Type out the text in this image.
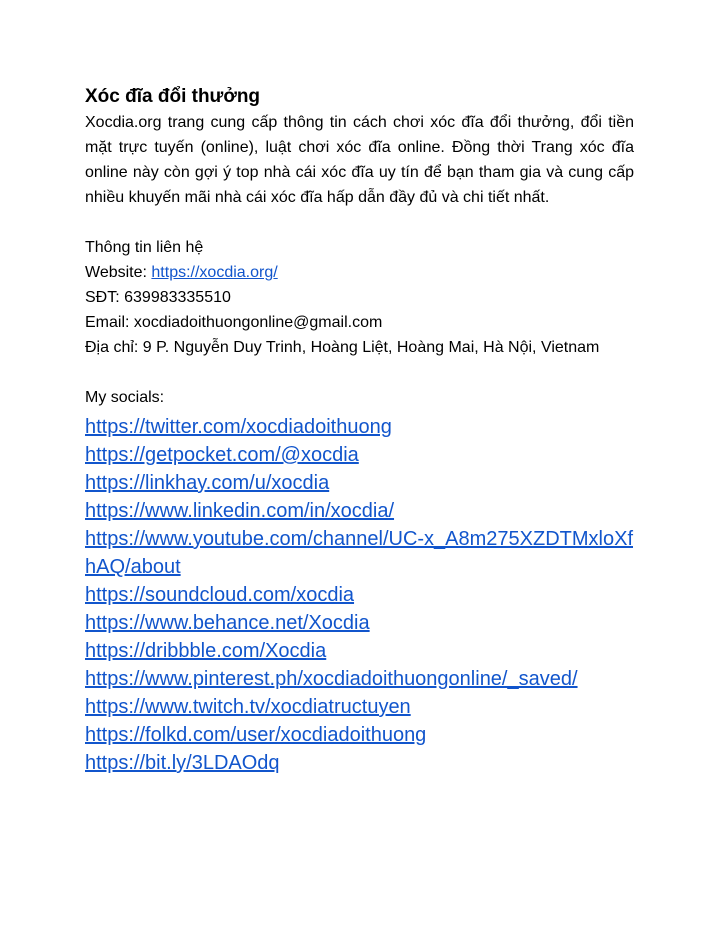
Xóc đĩa đổi thưởng

Xocdia.org trang cung cấp thông tin cách chơi xóc đĩa đổi thưởng, đổi tiền mặt trực tuyến (online), luật chơi xóc đĩa online. Đồng thời Trang xóc đĩa online này còn gợi ý top nhà cái xóc đĩa uy tín để bạn tham gia và cung cấp nhiều khuyến mãi nhà cái xóc đĩa hấp dẫn đầy đủ và chi tiết nhất.

Thông tin liên hệ

Website: https://xocdia.org/

SĐT: 639983335510

Email: xocdiadoithuongonline@gmail.com

Địa chỉ: 9 P. Nguyễn Duy Trinh, Hoàng Liệt, Hoàng Mai, Hà Nội, Vietnam

My socials:

https://twitter.com/xocdiadoithuong
https://getpocket.com/@xocdia
https://linkhay.com/u/xocdia
https://www.linkedin.com/in/xocdia/
https://www.youtube.com/channel/UC-x_A8m275XZDTMxloXfhAQ/about
https://soundcloud.com/xocdia
https://www.behance.net/Xocdia
https://dribbble.com/Xocdia
https://www.pinterest.ph/xocdiadoithuongonline/_saved/
https://www.twitch.tv/xocdiatructuyen
https://folkd.com/user/xocdiadoithuong
https://bit.ly/3LDAOdq
